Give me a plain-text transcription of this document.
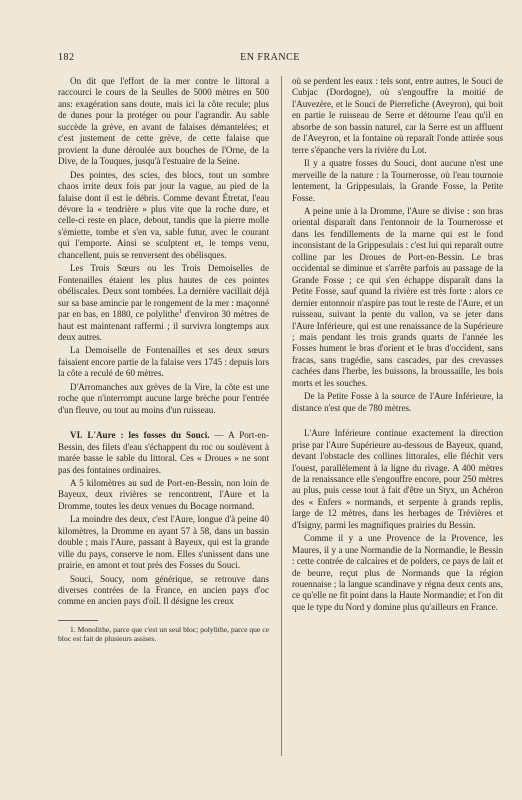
182	EN FRANCE

On dit que l'effort de la mer contre le littoral a raccourci le cours de la Seulles de 5000 mètres en 500 ans: exagération sans doute, mais ici la côte recule; plus de dunes pour la protéger ou pour l'agrandir. Au sable succède la grève, en avant de falaises démantelées; et c'est justement de cette grève, de cette falaise que provient la dune déroulée aux bouches de l'Orne, de la Dive, de la Touques, jusqu'à l'estuaire de la Seine.

Des pointes, des scies, des blocs, tout un sombre chaos irrite deux fois par jour la vague, au pied de la falaise dont il est le débris. Comme devant Étretat, l'eau dévore la « tendrière » plus vite que la roche dure, et celle-ci reste en place, debout, tandis que la pierre molle s'émiette, tombe et s'en va, sable futur, avec le courant qui l'emporte. Ainsi se sculptent et, le temps venu, chancellent, puis se renversent des obélisques.

Les Trois Sœurs ou les Trois Demoiselles de Fontenailles étaient les plus hautes de ces pointes obéliscales. Deux sont tombées. La dernière vacillait déjà sur sa base amincie par le rongement de la mer : maçonné par en bas, en 1880, ce polylithe$^1$ d'environ 30 mètres de haut est maintenant raffermi ; il survivra longtemps aux deux autres.

La Demoiselle de Fontenailles et ses deux sœurs faisaient encore partie de la falaise vers 1745 : depuis lors la côte a reculé de 60 mètres.

D'Arromanches aux grèves de la Vire, la côte est une roche que n'interrompt aucune large brèche pour l'entrée d'un fleuve, ou tout au moins d'un ruisseau.

VI. L'Aure : les fosses du Souci. — A Port-en-Bessin, des filets d'eau s'échappent du roc ou soulèvent à marée basse le sable du littoral. Ces « Droues » ne sont pas des fontaines ordinaires.

A 5 kilomètres au sud de Port-en-Bessin, non loin de Bayeux, deux rivières se rencontrent, l'Aure et la Dromme, toutes les deux venues du Bocage normand.

La moindre des deux, c'est l'Aure, longue d'à peine 40 kilomètres, la Dromme en ayant 57 à 58, dans un bassin double ; mais l'Aure, passant à Bayeux, qui est la grande ville du pays, conserve le nom. Elles s'unissent dans une prairie, en amont et tout près des Fosses du Souci.

Souci, Soucy, nom générique, se retrouve dans diverses contrées de la France, en ancien pays d'oc comme en ancien pays d'oïl. Il désigne les creux

1. Monolithe, parce que c'est un seul bloc; polylithe, parce que ce bloc est fait de plusieurs assises.

où se perdent les eaux : tels sont, entre autres, le Souci de Cubjac (Dordogne), où s'engouffre la moitié de l'Auvezère, et le Souci de Pierrefiche (Aveyron), qui boit en partie le ruisseau de Serre et détourne l'eau qu'il en absorbe de son bassin naturel, car la Serre est un affluent de l'Aveyron, et la fontaine où reparaît l'onde attirée sous terre s'épanche vers la rivière du Lot.

Il y a quatre fosses du Souci, dont aucune n'est une merveille de la nature : la Tournerosse, où l'eau tournoie lentement, la Grippesulais, la Grande Fosse, la Petite Fosse.

A peine unie à la Dromme, l'Aure se divise : son bras oriental disparaît dans l'entonnoir de la Tournerosse et dans les fendillements de la marne qui est le fond inconsistant de la Grippesulais : c'est lui qui reparaît outre colline par les Droues de Port-en-Bessin. Le bras occidental se diminue et s'arrête parfois au passage de la Grande Fosse ; ce qui s'en échappe disparaît dans la Petite Fosse, sauf quand la rivière est très forte : alors ce dernier entonnoir n'aspire pas tout le reste de l'Aure, et un ruisseau, suivant la pente du vallon, va se jeter dans l'Aure Inférieure, qui est une renaissance de la Supérieure ; mais pendant les trois grands quarts de l'année les Fosses hument le bras d'orient et le bras d'occident, sans fracas, sans tragédie, sans cascades, par des crevasses cachées dans l'herbe, les buissons, la broussaille, les bois morts et les souches.

De la Petite Fosse à la source de l'Aure Inférieure, la distance n'est que de 780 mètres.

L'Aure Inférieure continue exactement la direction prise par l'Aure Supérieure au-dessous de Bayeux, quand, devant l'obstacle des collines littorales, elle fléchit vers l'ouest, parallèlement à la ligne du rivage. A 400 mètres de la renaissance elle s'engouffre encore, pour 250 mètres au plus, puis cesse tout à fait d'être un Styx, un Achéron des « Enfers » normands, et serpente à grands replis, large de 12 mètres, dans les herbages de Trévières et d'Isigny, parmi les magnifiques prairies du Bessin.

Comme il y a une Provence de la Provence, les Maures, il y a une Normandie de la Normandie, le Bessin : cette contrée de calcaires et de polders, ce pays de lait et de beurre, reçut plus de Normands que la région rouennaise ; la langue scandinave y régna deux cents ans, ce qu'elle ne fit point dans la Haute Normandie; et l'on dit que le type du Nord y domine plus qu'ailleurs en France.
